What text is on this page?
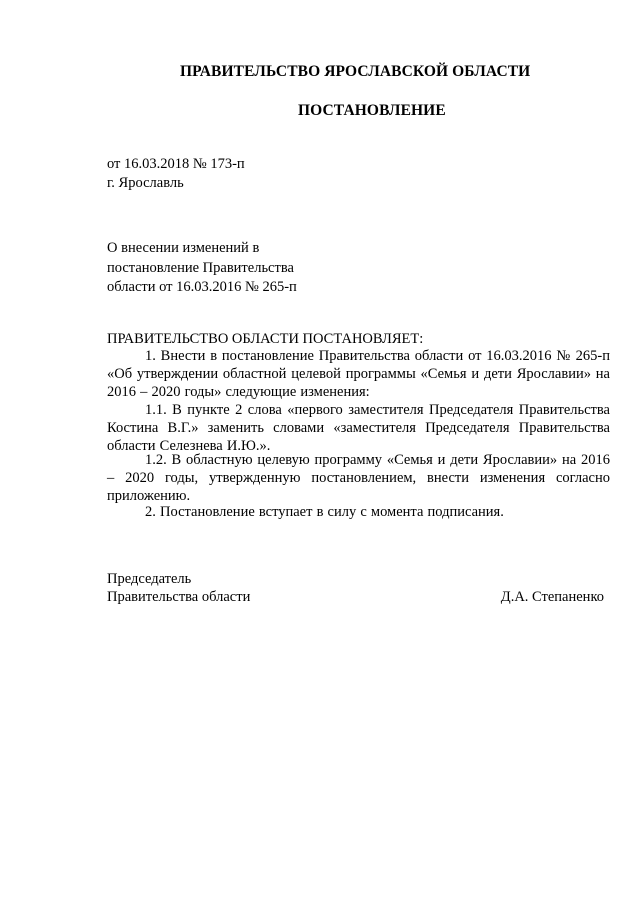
ПРАВИТЕЛЬСТВО ЯРОСЛАВСКОЙ ОБЛАСТИ
ПОСТАНОВЛЕНИЕ

от 16.03.2018 № 173-п

г. Ярославль

О внесении изменений в

постановление Правительства

области от 16.03.2016 № 265-п

ПРАВИТЕЛЬСТВО ОБЛАСТИ ПОСТАНОВЛЯЕТ:

1. Внести в постановление Правительства области от 16.03.2016 № 265-п «Об утверждении областной целевой программы «Семья и дети Ярославии» на 2016 – 2020 годы» следующие изменения:

1.1. В пункте 2 слова «первого заместителя Председателя Правительства Костина В.Г.» заменить словами «заместителя Председателя Правительства области Селезнева И.Ю.».

1.2. В областную целевую программу «Семья и дети Ярославии» на 2016 – 2020 годы, утвержденную постановлением, внести изменения согласно приложению.

2. Постановление вступает в силу с момента подписания.

Председатель

Правительства области	Д.А. Степаненко
